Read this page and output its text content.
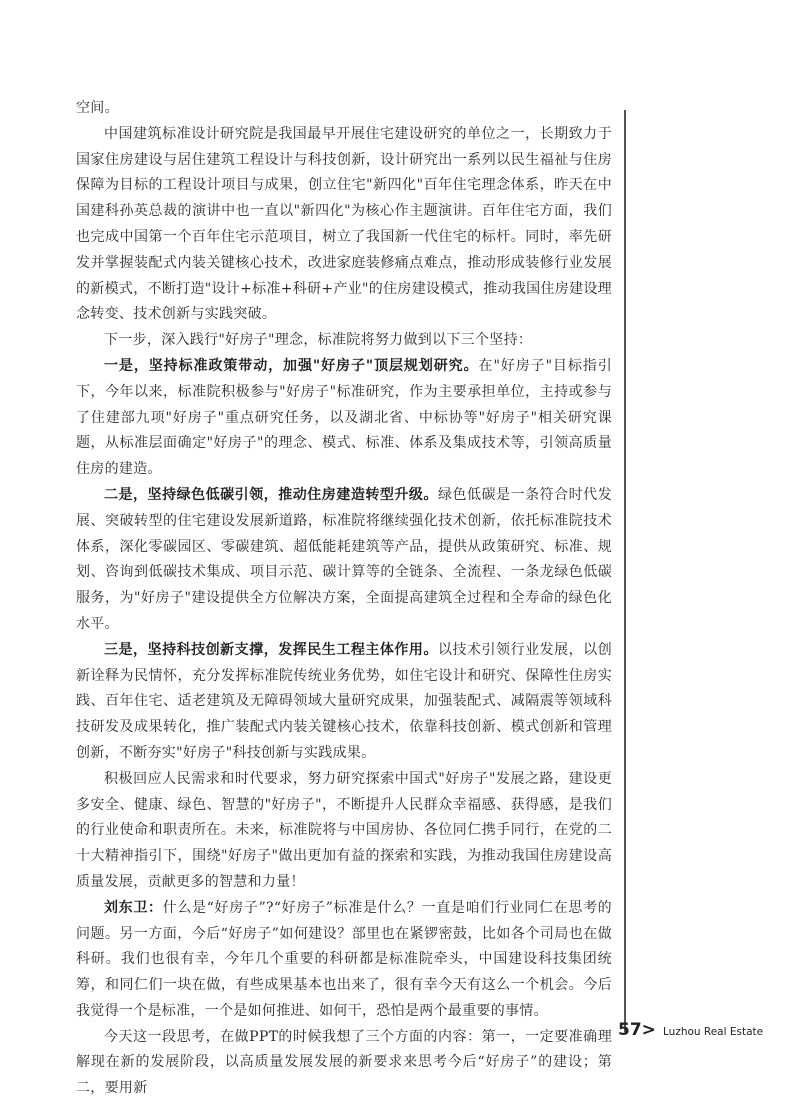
空间。

中国建筑标准设计研究院是我国最早开展住宅建设研究的单位之一，长期致力于国家住房建设与居住建筑工程设计与科技创新，设计研究出一系列以民生福祉与住房保障为目标的工程设计项目与成果，创立住宅"新四化"百年住宅理念体系，昨天在中国建科孙英总裁的演讲中也一直以"新四化"为核心作主题演讲。百年住宅方面，我们也完成中国第一个百年住宅示范项目，树立了我国新一代住宅的标杆。同时，率先研发并掌握装配式内装关键核心技术，改进家庭装修痛点难点，推动形成装修行业发展的新模式，不断打造"设计+标准+科研+产业"的住房建设模式，推动我国住房建设理念转变、技术创新与实践突破。

下一步，深入践行"好房子"理念，标准院将努力做到以下三个坚持：

一是，坚持标准政策带动，加强"好房子"顶层规划研究。在"好房子"目标指引下，今年以来，标准院积极参与"好房子"标准研究，作为主要承担单位，主持或参与了住建部九项"好房子"重点研究任务，以及湖北省、中标协等"好房子"相关研究课题，从标准层面确定"好房子"的理念、模式、标准、体系及集成技术等，引领高质量住房的建造。

二是，坚持绿色低碳引领，推动住房建造转型升级。绿色低碳是一条符合时代发展、突破转型的住宅建设发展新道路，标准院将继续强化技术创新，依托标准院技术体系，深化零碳园区、零碳建筑、超低能耗建筑等产品，提供从政策研究、标准、规划、咨询到低碳技术集成、项目示范、碳计算等的全链条、全流程、一条龙绿色低碳服务，为"好房子"建设提供全方位解决方案，全面提高建筑全过程和全寿命的绿色化水平。

三是，坚持科技创新支撑，发挥民生工程主体作用。以技术引领行业发展，以创新诠释为民情怀，充分发挥标准院传统业务优势，如住宅设计和研究、保障性住房实践、百年住宅、适老建筑及无障碍领域大量研究成果，加强装配式、减隔震等领域科技研发及成果转化，推广装配式内装关键核心技术，依靠科技创新、模式创新和管理创新，不断夯实"好房子"科技创新与实践成果。

积极回应人民需求和时代要求，努力研究探索中国式"好房子"发展之路，建设更多安全、健康、绿色、智慧的"好房子"，不断提升人民群众幸福感、获得感，是我们的行业使命和职责所在。未来，标准院将与中国房协、各位同仁携手同行，在党的二十大精神指引下，围绕"好房子"做出更加有益的探索和实践，为推动我国住房建设高质量发展，贡献更多的智慧和力量！

刘东卫：什么是“好房子”?“好房子”标准是什么？一直是咱们行业同仁在思考的问题。另一方面，今后“好房子”如何建设？部里也在紧锣密鼓，比如各个司局也在做科研。我们也很有幸，今年几个重要的科研都是标准院牵头，中国建设科技集团统筹，和同仁们一块在做，有些成果基本也出来了，很有幸今天有这么一个机会。今后我觉得一个是标准，一个是如何推进、如何干，恐怕是两个最重要的事情。

今天这一段思考，在做PPT的时候我想了三个方面的内容：第一，一定要准确理解现在新的发展阶段，以高质量发展发展的新要求来思考今后“好房子”的建设；第二，要用新

57> Luzhou Real Estate
